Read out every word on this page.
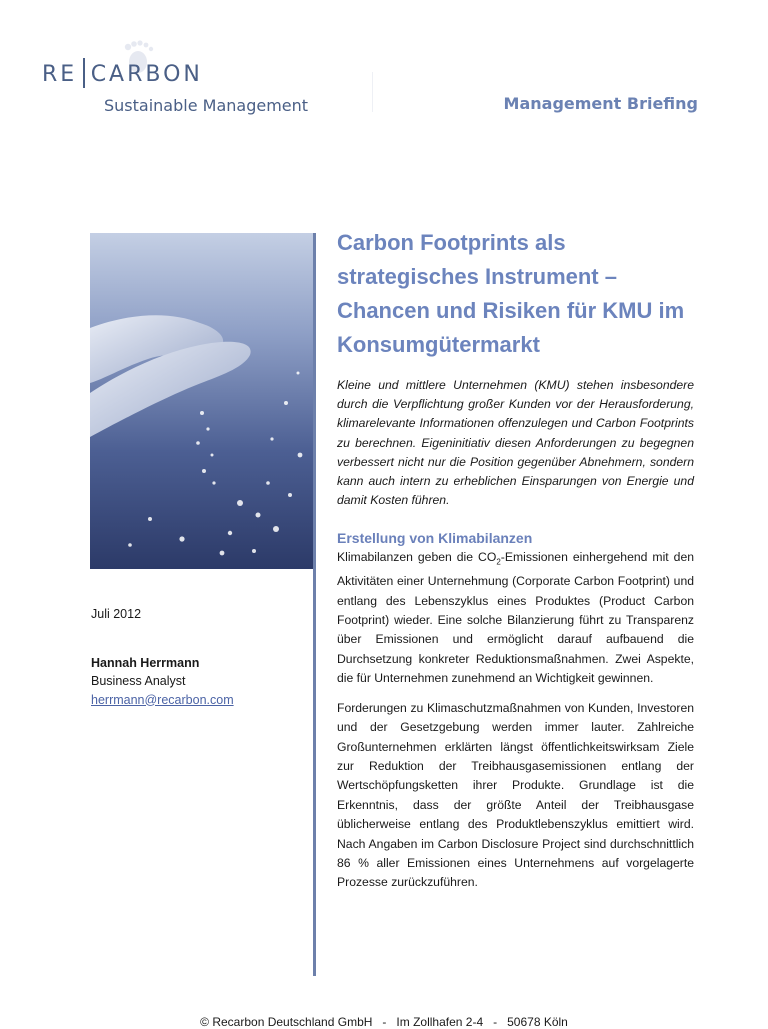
RE CARBON
Sustainable Management	Management Briefing
Juli 2012
Hannah Herrmann
Business Analyst
herrmann@recarbon.com
Carbon Footprints als strategisches Instrument – Chancen und Risiken für KMU im Konsumgütermarkt

Kleine und mittlere Unternehmen (KMU) stehen insbesondere durch die Verpflichtung großer Kunden vor der Herausforderung, klimarelevante Informationen offenzulegen und Carbon Footprints zu berechnen. Eigeninitiativ diesen Anforderungen zu begegnen verbessert nicht nur die Position gegenüber Abnehmern, sondern kann auch intern zu erheblichen Einsparungen von Energie und damit Kosten führen.

Erstellung von Klimabilanzen

Klimabilanzen geben die $CO_2$-Emissionen einhergehend mit den Aktivitäten einer Unternehmung (Corporate Carbon Footprint) und entlang des Lebenszyklus eines Produktes (Product Carbon Footprint) wieder. Eine solche Bilanzierung führt zu Transparenz über Emissionen und ermöglicht darauf aufbauend die Durchsetzung konkreter Reduktionsmaßnahmen. Zwei Aspekte, die für Unternehmen zunehmend an Wichtigkeit gewinnen.

Forderungen zu Klimaschutzmaßnahmen von Kunden, Investoren und der Gesetzgebung werden immer lauter. Zahlreiche Großunternehmen erklärten längst öffentlichkeitswirksam Ziele zur Reduktion der Treibhausgasemissionen entlang der Wertschöpfungsketten ihrer Produkte. Grundlage ist die Erkenntnis, dass der größte Anteil der Treibhausgase üblicherweise entlang des Produktlebenszyklus emittiert wird. Nach Angaben im Carbon Disclosure Project sind durchschnittlich 86 % aller Emissionen eines Unternehmens auf vorgelagerte Prozesse zurückzuführen.

© Recarbon Deutschland GmbH   -   Im Zollhafen 2-4   -   50678 Köln
